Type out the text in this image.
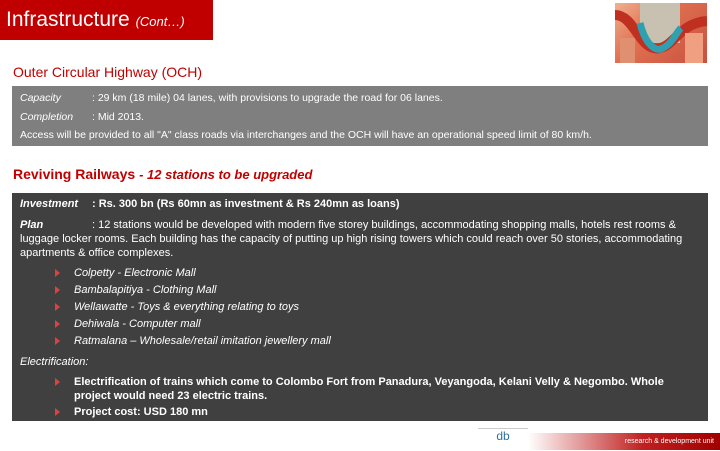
Infrastructure (Cont…)
Outer Circular Highway (OCH)
Capacity	: 29 km (18 mile) 04 lanes, with provisions to upgrade the road for 06 lanes.
Completion : Mid 2013.
Access will be provided to all "A" class roads via interchanges and the OCH will have an operational speed limit of 80 km/h.
Reviving Railways - 12 stations to be upgraded
Investment : Rs. 300 bn (Rs 60mn as investment & Rs 240mn as loans)
Plan	: 12 stations would be developed with modern five storey buildings, accommodating shopping malls, hotels rest rooms & luggage locker rooms. Each building has the capacity of putting up high rising towers which could reach over 50 stories, accommodating apartments & office complexes.
Colpetty - Electronic Mall
Bambalapitiya - Clothing Mall
Wellawatte - Toys & everything relating to toys
Dehiwala - Computer mall
Ratmalana – Wholesale/retail imitation jewellery mall
Electrification:
Electrification of trains which come to Colombo Fort from Panadura, Veyangoda, Kelani Velly & Negombo. Whole project would need 23 electric trains.
Project cost: USD 180 mn
db	research & development unit
